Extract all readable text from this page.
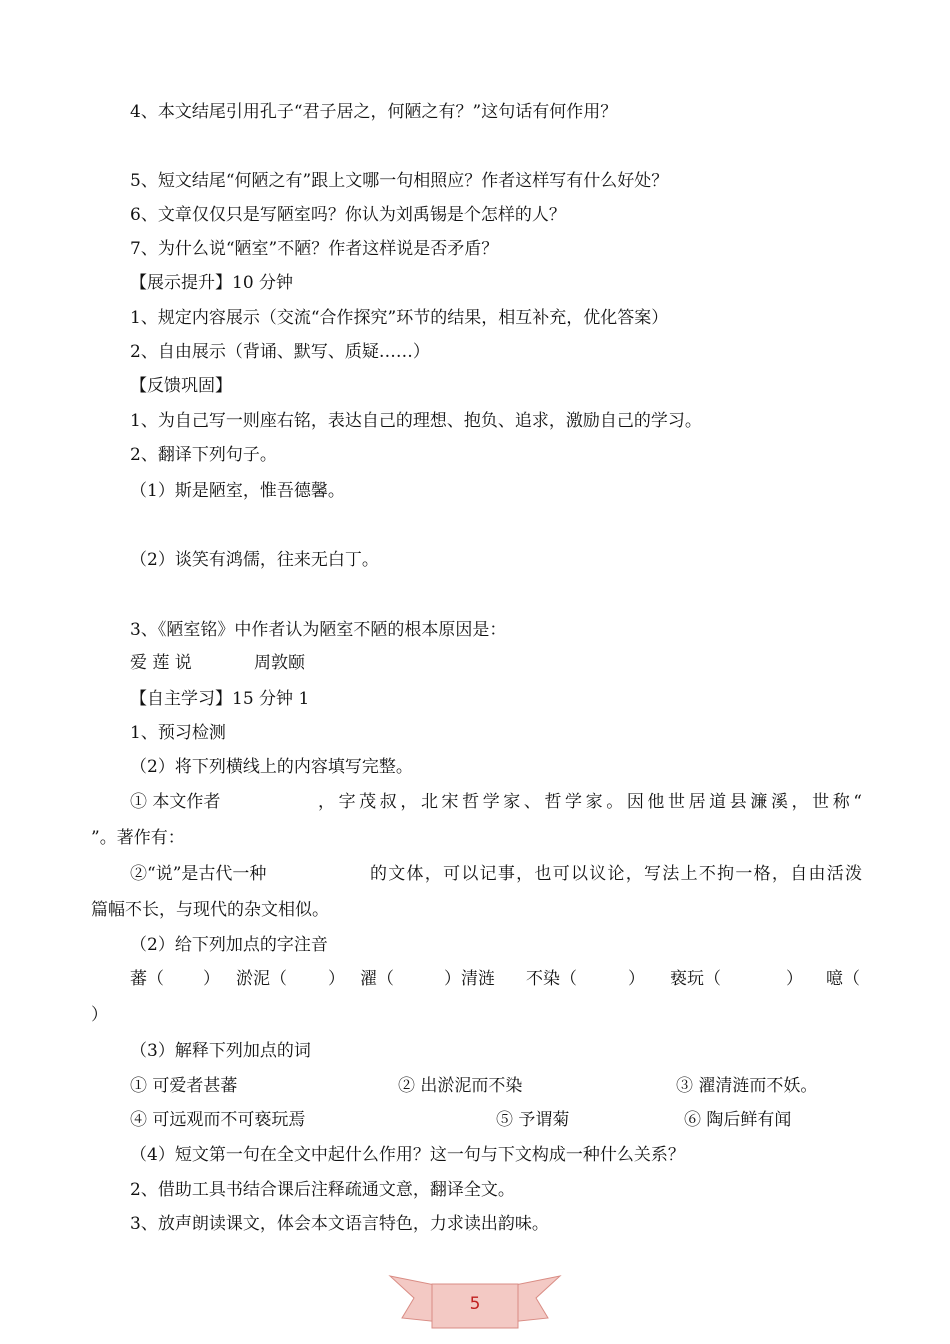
4、本文结尾引用孔子“君子居之，何陋之有？”这句话有何作用？
5、短文结尾“何陋之有”跟上文哪一句相照应？作者这样写有什么好处？
6、文章仅仅只是写陋室吗？你认为刘禹锡是个怎样的人？
7、为什么说“陋室”不陋？作者这样说是否矛盾？
【展示提升】10 分钟
1、规定内容展示（交流“合作探究”环节的结果，相互补充，优化答案）
2、自由展示（背诵、默写、质疑……）
【反馈巩固】
1、为自己写一则座右铭，表达自己的理想、抱负、追求，激励自己的学习。
2、翻译下列句子。
（1）斯是陋室，惟吾德馨。
（2）谈笑有鸿儒，往来无白丁。
3、《陋室铭》中作者认为陋室不陋的根本原因是：
爱 莲 说	周敦颐
【自主学习】15 分钟 1
1、预习检测
（2）将下列横线上的内容填写完整。
① 本文作者	，字茂叔，北宋哲学家、哲学家。因他世居道县濂溪，世称“
”。著作有：
②“说”是古代一种	的文体，可以记事，也可以议论，写法上不拘一格，自由活泼
篇幅不长，与现代的杂文相似。
（2）给下列加点的字注音
蕃（ ） 淤泥（ ） 濯（	）清涟 不染（	） 亵玩（	） 噫（
）
（3）解释下列加点的词
① 可爱者甚蕃	② 出淤泥而不染	③ 濯清涟而不妖。
④ 可远观而不可亵玩焉	⑤ 予谓菊	⑥ 陶后鲜有闻
（4）短文第一句在全文中起什么作用？这一句与下文构成一种什么关系？
2、借助工具书结合课后注释疏通文意，翻译全文。
3、放声朗读课文，体会本文语言特色，力求读出韵味。
5
